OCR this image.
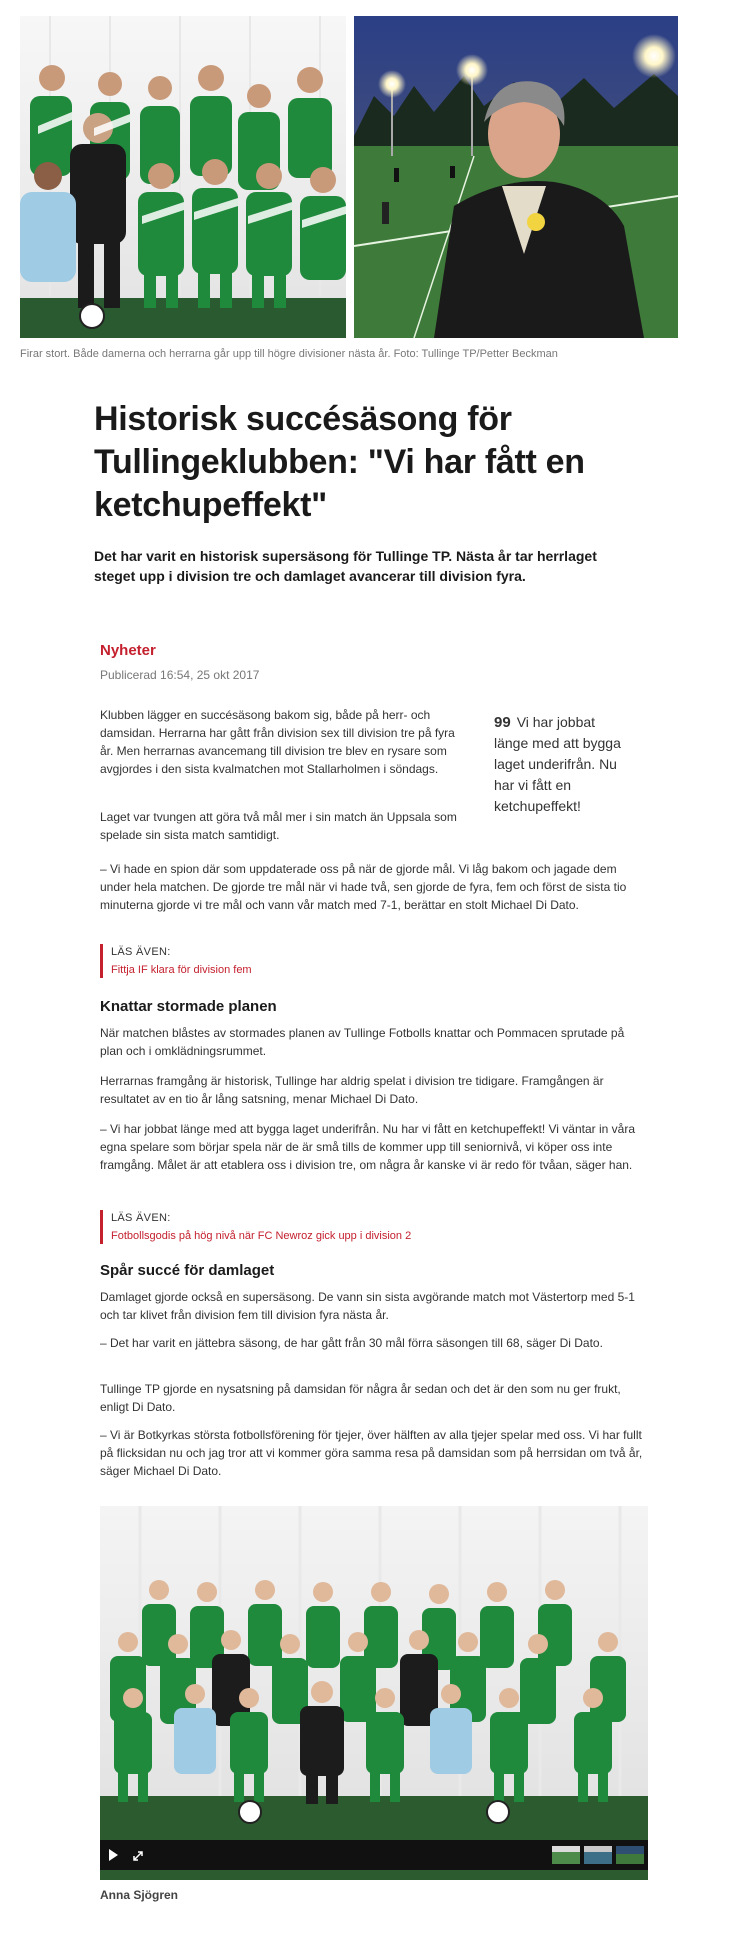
Firar stort. Både damerna och herrarna går upp till högre divisioner nästa år. Foto: Tullinge TP/Petter Beckman
Historisk succésäsong för Tullingeklubben: "Vi har fått en ketchupeffekt"

Det har varit en historisk supersäsong för Tullinge TP. Nästa år tar herrlaget steget upp i division tre och damlaget avancerar till division fyra.

Nyheter
Publicerad 16:54, 25 okt 2017

Klubben lägger en succésäsong bakom sig, både på herr- och damsidan. Herrarna har gått från division sex till division tre på fyra år. Men herrarnas avancemang till division tre blev en rysare som avgjordes i den sista kvalmatchen mot Stallarholmen i söndags.

Laget var tvungen att göra två mål mer i sin match än Uppsala som spelade sin sista match samtidigt.

99 Vi har jobbat länge med att bygga laget underifrån. Nu har vi fått en ketchupeffekt!

– Vi hade en spion där som uppdaterade oss på när de gjorde mål. Vi låg bakom och jagade dem under hela matchen. De gjorde tre mål när vi hade två, sen gjorde de fyra, fem och först de sista tio minuterna gjorde vi tre mål och vann vår match med 7-1, berättar en stolt Michael Di Dato.

LÄS ÄVEN:
Fittja IF klara för division fem
Knattar stormade planen

När matchen blåstes av stormades planen av Tullinge Fotbolls knattar och Pommacen sprutade på plan och i omklädningsrummet.

Herrarnas framgång är historisk, Tullinge har aldrig spelat i division tre tidigare. Framgången är resultatet av en tio år lång satsning, menar Michael Di Dato.

– Vi har jobbat länge med att bygga laget underifrån. Nu har vi fått en ketchupeffekt! Vi väntar in våra egna spelare som börjar spela när de är små tills de kommer upp till seniornivå, vi köper oss inte framgång. Målet är att etablera oss i division tre, om några år kanske vi är redo för tvåan, säger han.

LÄS ÄVEN:
Fotbollsgodis på hög nivå när FC Newroz gick upp i division 2
Spår succé för damlaget

Damlaget gjorde också en supersäsong. De vann sin sista avgörande match mot Västertorp med 5-1 och tar klivet från division fem till division fyra nästa år.

– Det har varit en jättebra säsong, de har gått från 30 mål förra säsongen till 68, säger Di Dato.

Tullinge TP gjorde en nysatsning på damsidan för några år sedan och det är den som nu ger frukt, enligt Di Dato.

– Vi är Botkyrkas största fotbollsförening för tjejer, över hälften av alla tjejer spelar med oss. Vi har fullt på flicksidan nu och jag tror att vi kommer göra samma resa på damsidan som på herrsidan om två år, säger Michael Di Dato.

Anna Sjögren
